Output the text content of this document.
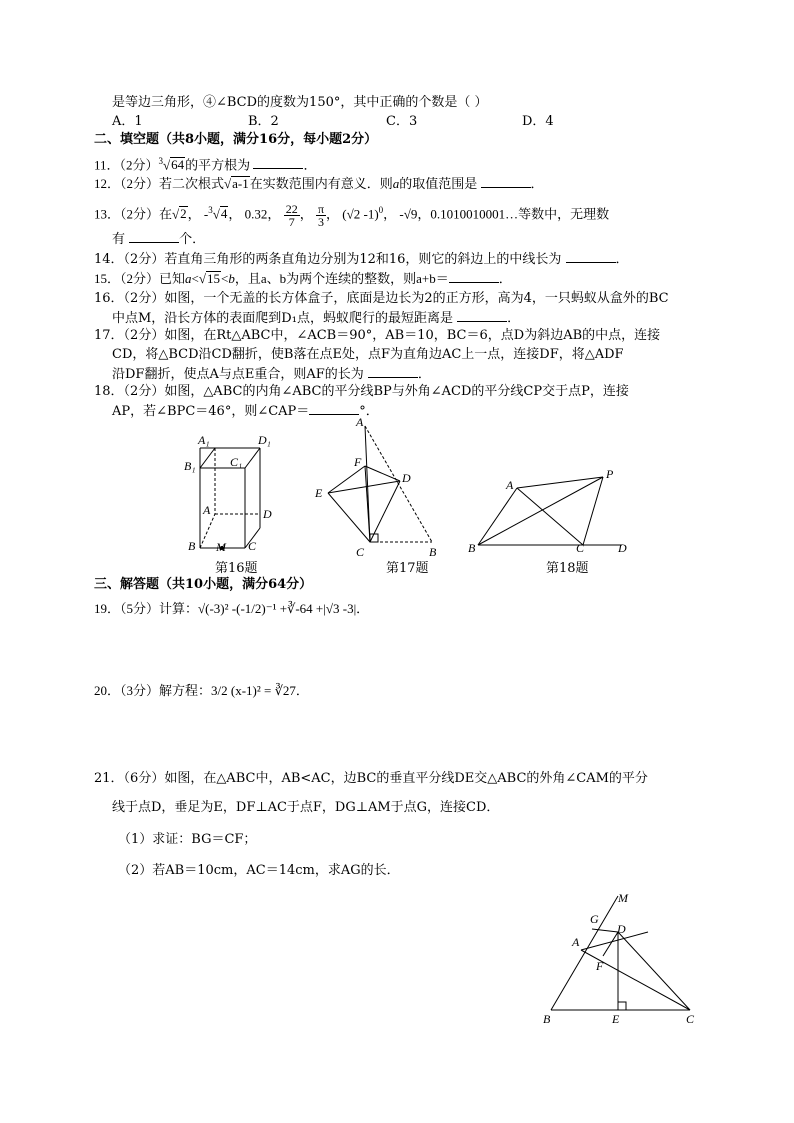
是等边三角形，④∠BCD的度数为150°，其中正确的个数是（ ）
A．1	B．2	C．3	D．4
二、填空题（共8小题，满分16分，每小题2分）
11．（2分）$^3$√64的平方根为	．
12．（2分）若二次根式√a-1在实数范围内有意义．则a的取值范围是	．
13．（2分）在√2， -$^3$√4， 0.32， $\frac{22}{7}$ ， $\frac{\pi}{3}$ ， (√2 -1)$^0$， -√9，0.1010010001…等数中，无理数
有	个．
14．（2分）若直角三角形的两条直角边分别为12和16，则它的斜边上的中线长为	．
15．（2分）已知a<√15<b，且a、b为两个连续的整数，则a+b＝	．
16．（2分）如图，一个无盖的长方体盒子，底面是边长为2的正方形，高为4，一只蚂蚁从盒外的BC
中点M，沿长方体的表面爬到D₁点，蚂蚁爬行的最短距离是	．
17．（2分）如图，在Rt△ABC中，∠ACB＝90°，AB＝10，BC＝6，点D为斜边AB的中点，连接
CD，将△BCD沿CD翻折，使B落在点E处，点F为直角边AC上一点，连接DF，将△ADF
沿DF翻折，使点A与点E重合，则AF的长为	．
18．（2分）如图，△ABC的内角∠ABC的平分线BP与外角∠ACD的平分线CP交于点P，连接
AP，若∠BPC＝46°，则∠CAP＝	°．
A₁	D₁
B₁	C₁
A	D
B M C
A
F
D
E
C	B
A
P
B	C	D
第16题	第17题	第18题
三、解答题（共10小题，满分64分）
19．（5分）计算：√(-3)² -(-1/2)⁻¹ +∛-64 +|√3 -3|．
20．（3分）解方程：3/2 (x-1)² = ∛27．
21．（6分）如图，在△ABC中，AB<AC，边BC的垂直平分线DE交△ABC的外角∠CAM的平分
线于点D，垂足为E，DF⊥AC于点F，DG⊥AM于点G，连接CD．
（1）求证：BG＝CF；
（2）若AB＝10cm，AC＝14cm，求AG的长．
M
G
D
A
F
B	E	C
